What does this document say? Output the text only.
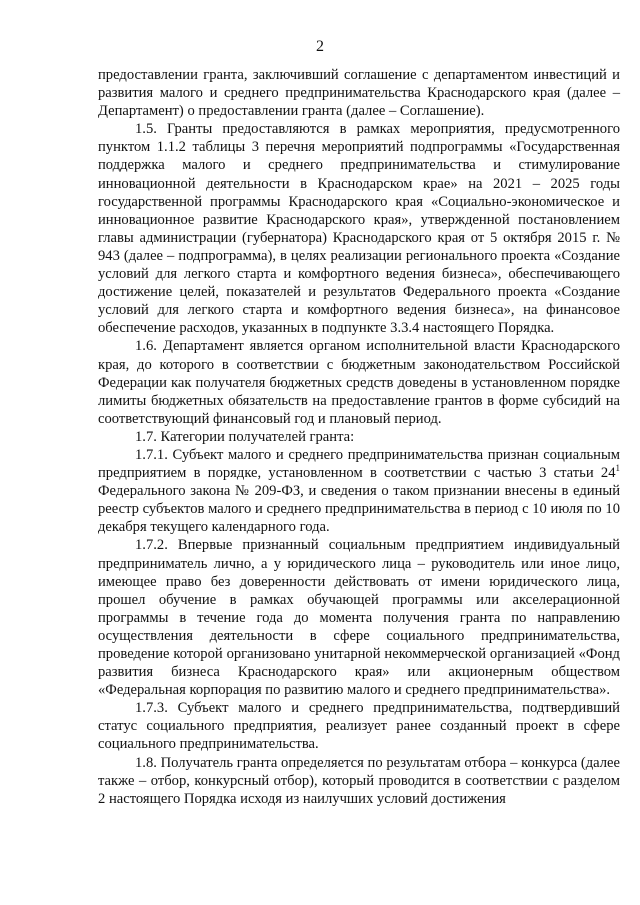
2

предоставлении гранта, заключивший соглашение с департаментом инвестиций и развития малого и среднего предпринимательства Краснодарского края (далее – Департамент) о предоставлении гранта (далее – Соглашение).

1.5. Гранты предоставляются в рамках мероприятия, предусмотренного пунктом 1.1.2 таблицы 3 перечня мероприятий подпрограммы «Государственная поддержка малого и среднего предпринимательства и стимулирование инновационной деятельности в Краснодарском крае» на 2021 – 2025 годы государственной программы Краснодарского края «Социально-экономическое и инновационное развитие Краснодарского края», утвержденной постановлением главы администрации (губернатора) Краснодарского края от 5 октября 2015 г. № 943 (далее – подпрограмма), в целях реализации регионального проекта «Создание условий для легкого старта и комфортного ведения бизнеса», обеспечивающего достижение целей, показателей и результатов Федерального проекта «Создание условий для легкого старта и комфортного ведения бизнеса», на финансовое обеспечение расходов, указанных в подпункте 3.3.4 настоящего Порядка.

1.6. Департамент является органом исполнительной власти Краснодарского края, до которого в соответствии с бюджетным законодательством Российской Федерации как получателя бюджетных средств доведены в установленном порядке лимиты бюджетных обязательств на предоставление грантов в форме субсидий на соответствующий финансовый год и плановый период.

1.7. Категории получателей гранта:

1.7.1. Субъект малого и среднего предпринимательства признан социальным предприятием в порядке, установленном в соответствии с частью 3 статьи $24^1$ Федерального закона № 209-ФЗ, и сведения о таком признании внесены в единый реестр субъектов малого и среднего предпринимательства в период с 10 июля по 10 декабря текущего календарного года.

1.7.2. Впервые признанный социальным предприятием индивидуальный предприниматель лично, а у юридического лица – руководитель или иное лицо, имеющее право без доверенности действовать от имени юридического лица, прошел обучение в рамках обучающей программы или акселерационной программы в течение года до момента получения гранта по направлению осуществления деятельности в сфере социального предпринимательства, проведение которой организовано унитарной некоммерческой организацией «Фонд развития бизнеса Краснодарского края» или акционерным обществом «Федеральная корпорация по развитию малого и среднего предпринимательства».

1.7.3. Субъект малого и среднего предпринимательства, подтвердивший статус социального предприятия, реализует ранее созданный проект в сфере социального предпринимательства.

1.8. Получатель гранта определяется по результатам отбора – конкурса (далее также – отбор, конкурсный отбор), который проводится в соответствии с разделом 2 настоящего Порядка исходя из наилучших условий достижения
